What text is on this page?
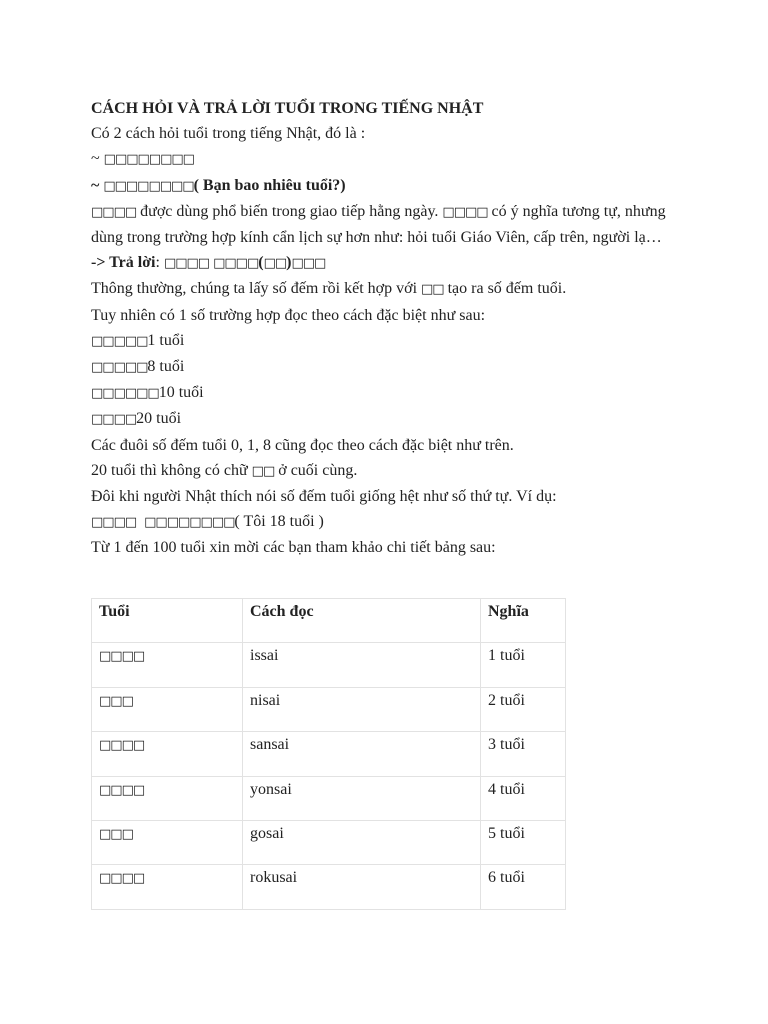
CÁCH HỎI VÀ TRẢ LỜI TUỔI TRONG TIẾNG NHẬT
Có 2 cách hỏi tuổi trong tiếng Nhật, đó là :
~ □□□□□□□□
~ □□□□□□□□( Bạn bao nhiêu tuổi?)
□□□□ được dùng phổ biến trong giao tiếp hằng ngày. □□□□ có ý nghĩa tương tự, nhưng dùng trong trường hợp kính cẩn lịch sự hơn như: hỏi tuổi Giáo Viên, cấp trên, người lạ…
-> Trả lời: □□□□ □□□□(□□)□□□
Thông thường, chúng ta lấy số đếm rồi kết hợp với □□ tạo ra số đếm tuổi.
Tuy nhiên có 1 số trường hợp đọc theo cách đặc biệt như sau:
□□□□□1 tuổi
□□□□□8 tuổi
□□□□□□10 tuổi
□□□□20 tuổi
Các đuôi số đếm tuổi 0, 1, 8 cũng đọc theo cách đặc biệt như trên.
20 tuổi thì không có chữ □□ ở cuối cùng.
Đôi khi người Nhật thích nói số đếm tuổi giống hệt như số thứ tự. Ví dụ:
□□□□ □□□□□□□□( Tôi 18 tuổi )
Từ 1 đến 100 tuổi xin mời các bạn tham khảo chi tiết bảng sau:
Tuổi	Cách đọc	Nghĩa
□□□□	issai	1 tuổi
□□□	nisai	2 tuổi
□□□□	sansai	3 tuổi
□□□□	yonsai	4 tuổi
□□□	gosai	5 tuổi
□□□□	rokusai	6 tuổi
